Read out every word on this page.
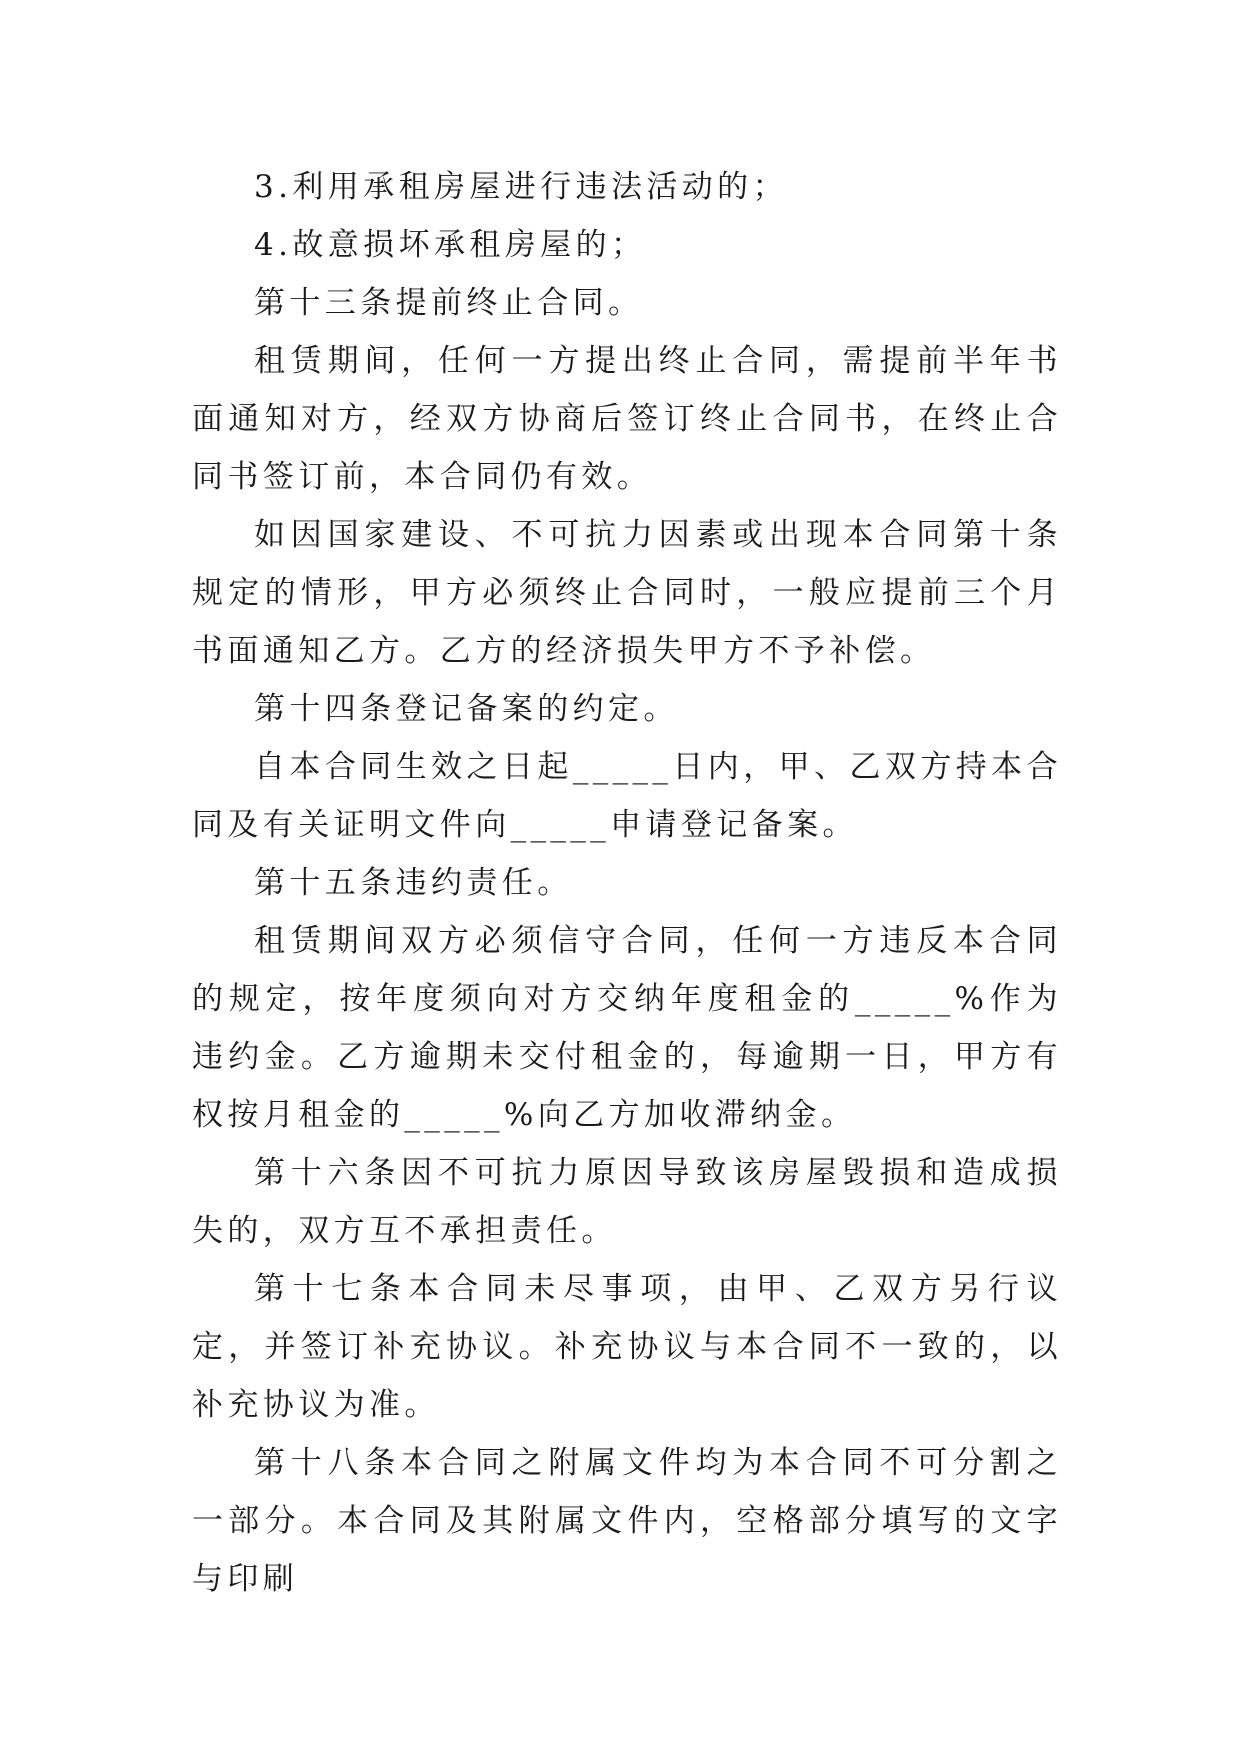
3.利用承租房屋进行违法活动的；

4.故意损坏承租房屋的；

第十三条提前终止合同。

租赁期间，任何一方提出终止合同，需提前半年书面通知对方，经双方协商后签订终止合同书，在终止合同书签订前，本合同仍有效。

如因国家建设、不可抗力因素或出现本合同第十条规定的情形，甲方必须终止合同时，一般应提前三个月书面通知乙方。乙方的经济损失甲方不予补偿。

第十四条登记备案的约定。

自本合同生效之日起_____日内，甲、乙双方持本合同及有关证明文件向_____申请登记备案。

第十五条违约责任。

租赁期间双方必须信守合同，任何一方违反本合同的规定，按年度须向对方交纳年度租金的_____%作为违约金。乙方逾期未交付租金的，每逾期一日，甲方有权按月租金的_____%向乙方加收滞纳金。

第十六条因不可抗力原因导致该房屋毁损和造成损失的，双方互不承担责任。

第十七条本合同未尽事项，由甲、乙双方另行议定，并签订补充协议。补充协议与本合同不一致的，以补充协议为准。

第十八条本合同之附属文件均为本合同不可分割之一部分。本合同及其附属文件内，空格部分填写的文字与印刷
